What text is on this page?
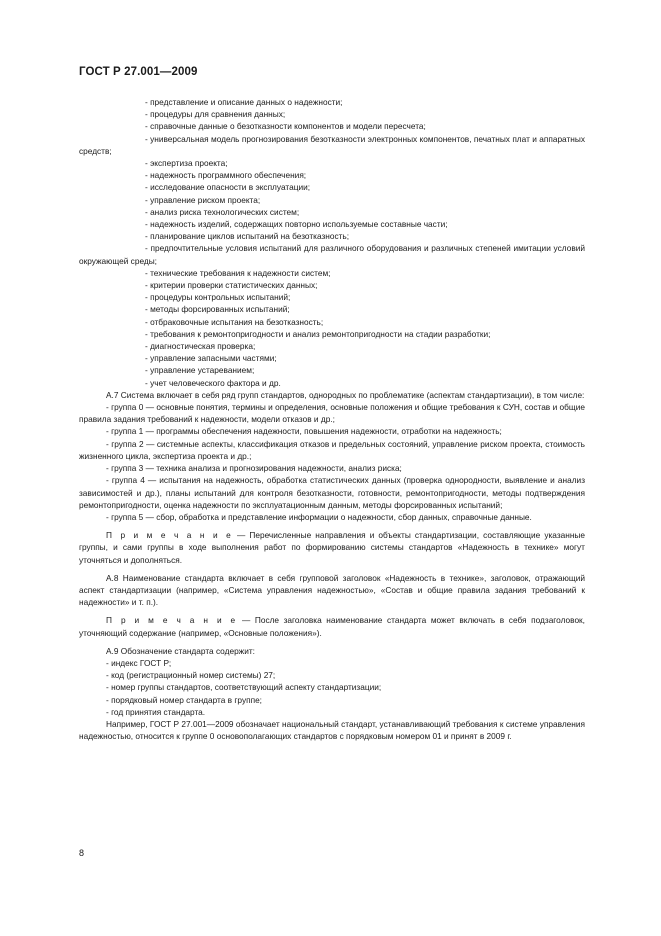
ГОСТ Р 27.001—2009

- представление и описание данных о надежности;

- процедуры для сравнения данных;

- справочные данные о безотказности компонентов и модели пересчета;

- универсальная модель прогнозирования безотказности электронных компонентов, печатных плат и аппаратных средств;

- экспертиза проекта;

- надежность программного обеспечения;

- исследование опасности в эксплуатации;

- управление риском проекта;

- анализ риска технологических систем;

- надежность изделий, содержащих повторно используемые составные части;

- планирование циклов испытаний на безотказность;

- предпочтительные условия испытаний для различного оборудования и различных степеней имитации условий окружающей среды;

- технические требования к надежности систем;

- критерии проверки статистических данных;

- процедуры контрольных испытаний;

- методы форсированных испытаний;

- отбраковочные испытания на безотказность;

- требования к ремонтопригодности и анализ ремонтопригодности на стадии разработки;

- диагностическая проверка;

- управление запасными частями;

- управление устареванием;

- учет человеческого фактора и др.

А.7 Система включает в себя ряд групп стандартов, однородных по проблематике (аспектам стандартизации), в том числе:

- группа 0 — основные понятия, термины и определения, основные положения и общие требования к СУН, состав и общие правила задания требований к надежности, модели отказов и др.;

- группа 1 — программы обеспечения надежности, повышения надежности, отработки на надежность;

- группа 2 — системные аспекты, классификация отказов и предельных состояний, управление риском проекта, стоимость жизненного цикла, экспертиза проекта и др.;

- группа 3 — техника анализа и прогнозирования надежности, анализ риска;

- группа 4 — испытания на надежность, обработка статистических данных (проверка однородности, выявление и анализ зависимостей и др.), планы испытаний для контроля безотказности, готовности, ремонтопригодности, методы подтверждения ремонтопригодности, оценка надежности по эксплуатационным данным, методы форсированных испытаний;

- группа 5 — сбор, обработка и представление информации о надежности, сбор данных, справочные данные.

П р и м е ч а н и е — Перечисленные направления и объекты стандартизации, составляющие указанные группы, и сами группы в ходе выполнения работ по формированию системы стандартов «Надежность в технике» могут уточняться и дополняться.

А.8 Наименование стандарта включает в себя групповой заголовок «Надежность в технике», заголовок, отражающий аспект стандартизации (например, «Система управления надежностью», «Состав и общие правила задания требований к надежности» и т. п.).

П р и м е ч а н и е — После заголовка наименование стандарта может включать в себя подзаголовок, уточняющий содержание (например, «Основные положения»).

А.9 Обозначение стандарта содержит:

- индекс ГОСТ Р;

- код (регистрационный номер системы) 27;

- номер группы стандартов, соответствующий аспекту стандартизации;

- порядковый номер стандарта в группе;

- год принятия стандарта.

Например, ГОСТ Р 27.001—2009 обозначает национальный стандарт, устанавливающий требования к системе управления надежностью, относится к группе 0 основополагающих стандартов с порядковым номером 01 и принят в 2009 г.

8
